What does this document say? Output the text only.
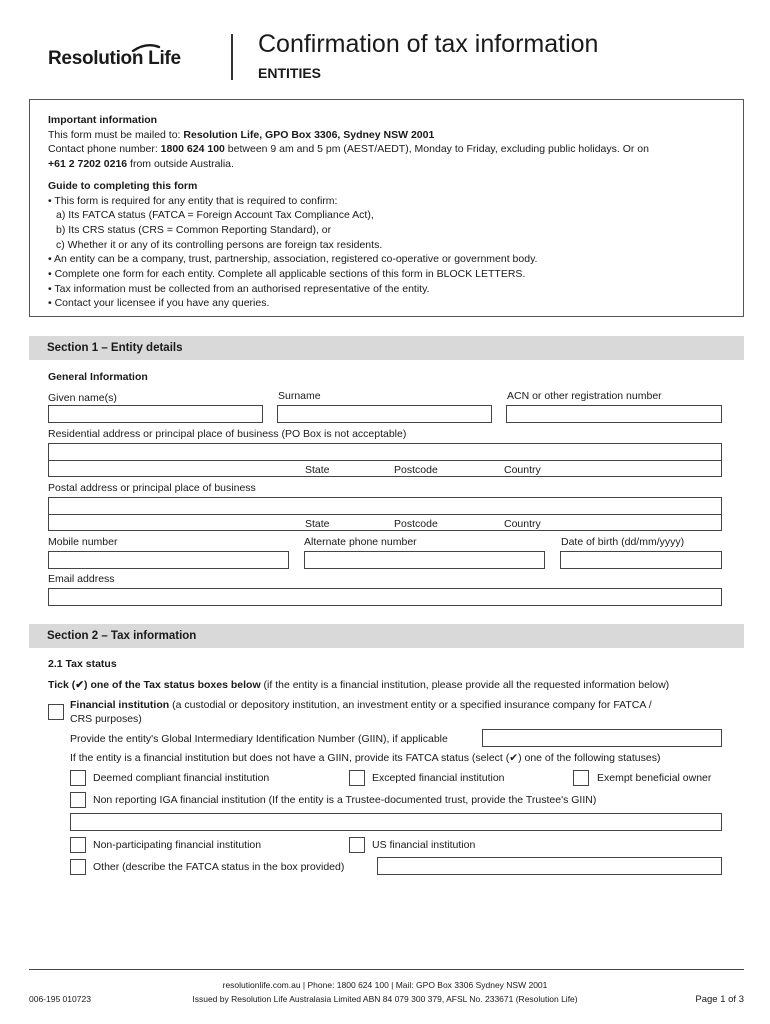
Resolution Life
Confirmation of tax information
ENTITIES

Important information

This form must be mailed to: Resolution Life, GPO Box 3306, Sydney NSW 2001

Contact phone number: 1800 624 100 between 9 am and 5 pm (AEST/AEDT), Monday to Friday, excluding public holidays. Or on

+61 2 7202 0216 from outside Australia.

Guide to completing this form

• This form is required for any entity that is required to confirm:

a) Its FATCA status (FATCA = Foreign Account Tax Compliance Act),

b) Its CRS status (CRS = Common Reporting Standard), or

c) Whether it or any of its controlling persons are foreign tax residents.

• An entity can be a company, trust, partnership, association, registered co-operative or government body.

• Complete one form for each entity. Complete all applicable sections of this form in BLOCK LETTERS.

• Tax information must be collected from an authorised representative of the entity.

• Contact your licensee if you have any queries.

Section 1 – Entity details
General Information
Given name(s)	Surname	ACN or other registration number
Residential address or principal place of business (PO Box is not acceptable)
State	Postcode	Country
Postal address or principal place of business
State	Postcode	Country
Mobile number	Alternate phone number	Date of birth (dd/mm/yyyy)
Email address
Section 2 – Tax information
2.1 Tax status
Tick (✔) one of the Tax status boxes below (if the entity is a financial institution, please provide all the requested information below)
Financial institution (a custodial or depository institution, an investment entity or a specified insurance company for FATCA /
CRS purposes)
Provide the entity's Global Intermediary Identification Number (GIIN), if applicable
If the entity is a financial institution but does not have a GIIN, provide its FATCA status (select (✔) one of the following statuses)
Deemed compliant financial institution	Excepted financial institution	Exempt beneficial owner
Non reporting IGA financial institution (If the entity is a Trustee-documented trust, provide the Trustee's GIIN)
Non-participating financial institution	US financial institution
Other (describe the FATCA status in the box provided)
resolutionlife.com.au | Phone: 1800 624 100 | Mail: GPO Box 3306 Sydney NSW 2001
006-195 010723	Issued by Resolution Life Australasia Limited ABN 84 079 300 379, AFSL No. 233671 (Resolution Life)	Page 1 of 3
